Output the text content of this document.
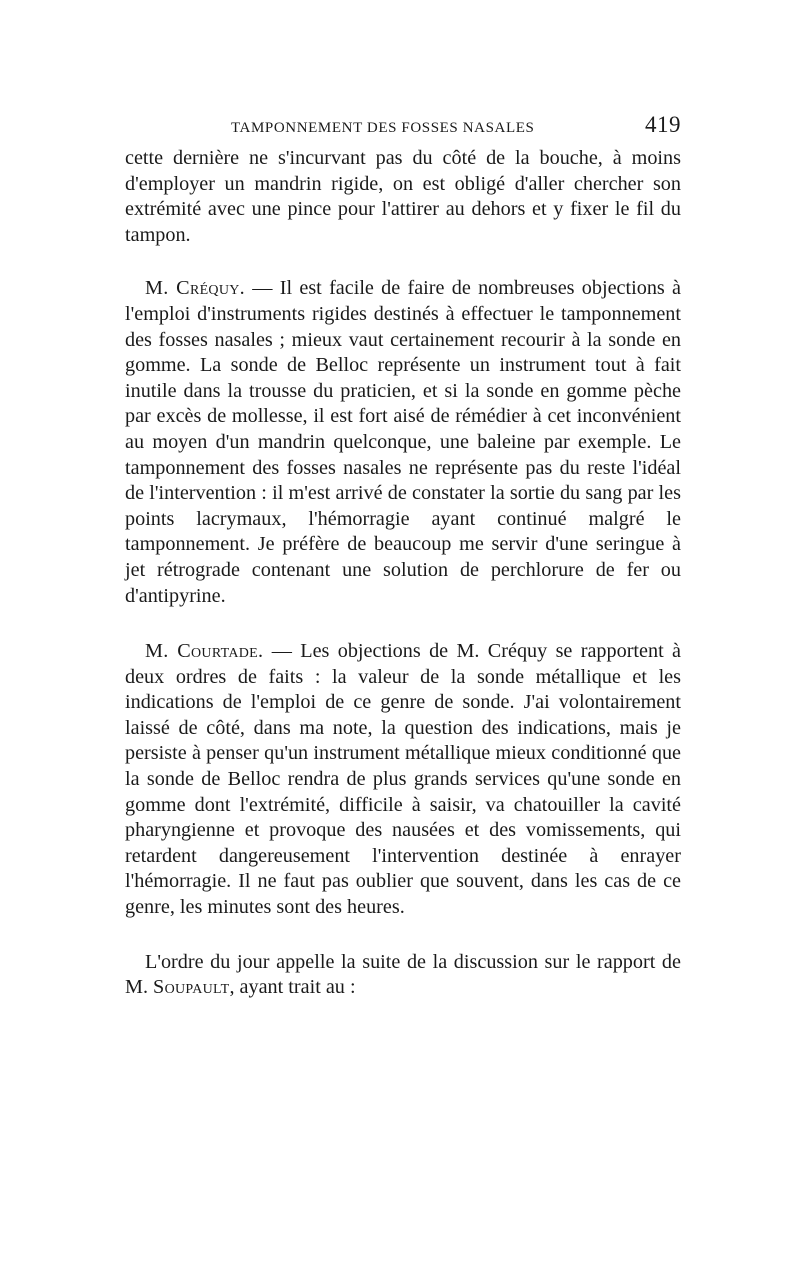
TAMPONNEMENT DES FOSSES NASALES	419

cette dernière ne s'incurvant pas du côté de la bouche, à moins d'employer un mandrin rigide, on est obligé d'aller chercher son extrémité avec une pince pour l'attirer au dehors et y fixer le fil du tampon.

M. Créquy. — Il est facile de faire de nombreuses objections à l'emploi d'instruments rigides destinés à effectuer le tamponnement des fosses nasales ; mieux vaut certainement recourir à la sonde en gomme. La sonde de Belloc représente un instrument tout à fait inutile dans la trousse du praticien, et si la sonde en gomme pèche par excès de mollesse, il est fort aisé de rémédier à cet inconvénient au moyen d'un mandrin quelconque, une baleine par exemple. Le tamponnement des fosses nasales ne représente pas du reste l'idéal de l'intervention : il m'est arrivé de constater la sortie du sang par les points lacrymaux, l'hémorragie ayant continué malgré le tamponnement. Je préfère de beaucoup me servir d'une seringue à jet rétrograde contenant une solution de perchlorure de fer ou d'antipyrine.

M. Courtade. — Les objections de M. Créquy se rapportent à deux ordres de faits : la valeur de la sonde métallique et les indications de l'emploi de ce genre de sonde. J'ai volontairement laissé de côté, dans ma note, la question des indications, mais je persiste à penser qu'un instrument métallique mieux conditionné que la sonde de Belloc rendra de plus grands services qu'une sonde en gomme dont l'extrémité, difficile à saisir, va chatouiller la cavité pharyngienne et provoque des nausées et des vomissements, qui retardent dangereusement l'intervention destinée à enrayer l'hémorragie. Il ne faut pas oublier que souvent, dans les cas de ce genre, les minutes sont des heures.

L'ordre du jour appelle la suite de la discussion sur le rapport de M. Soupault, ayant trait au :
